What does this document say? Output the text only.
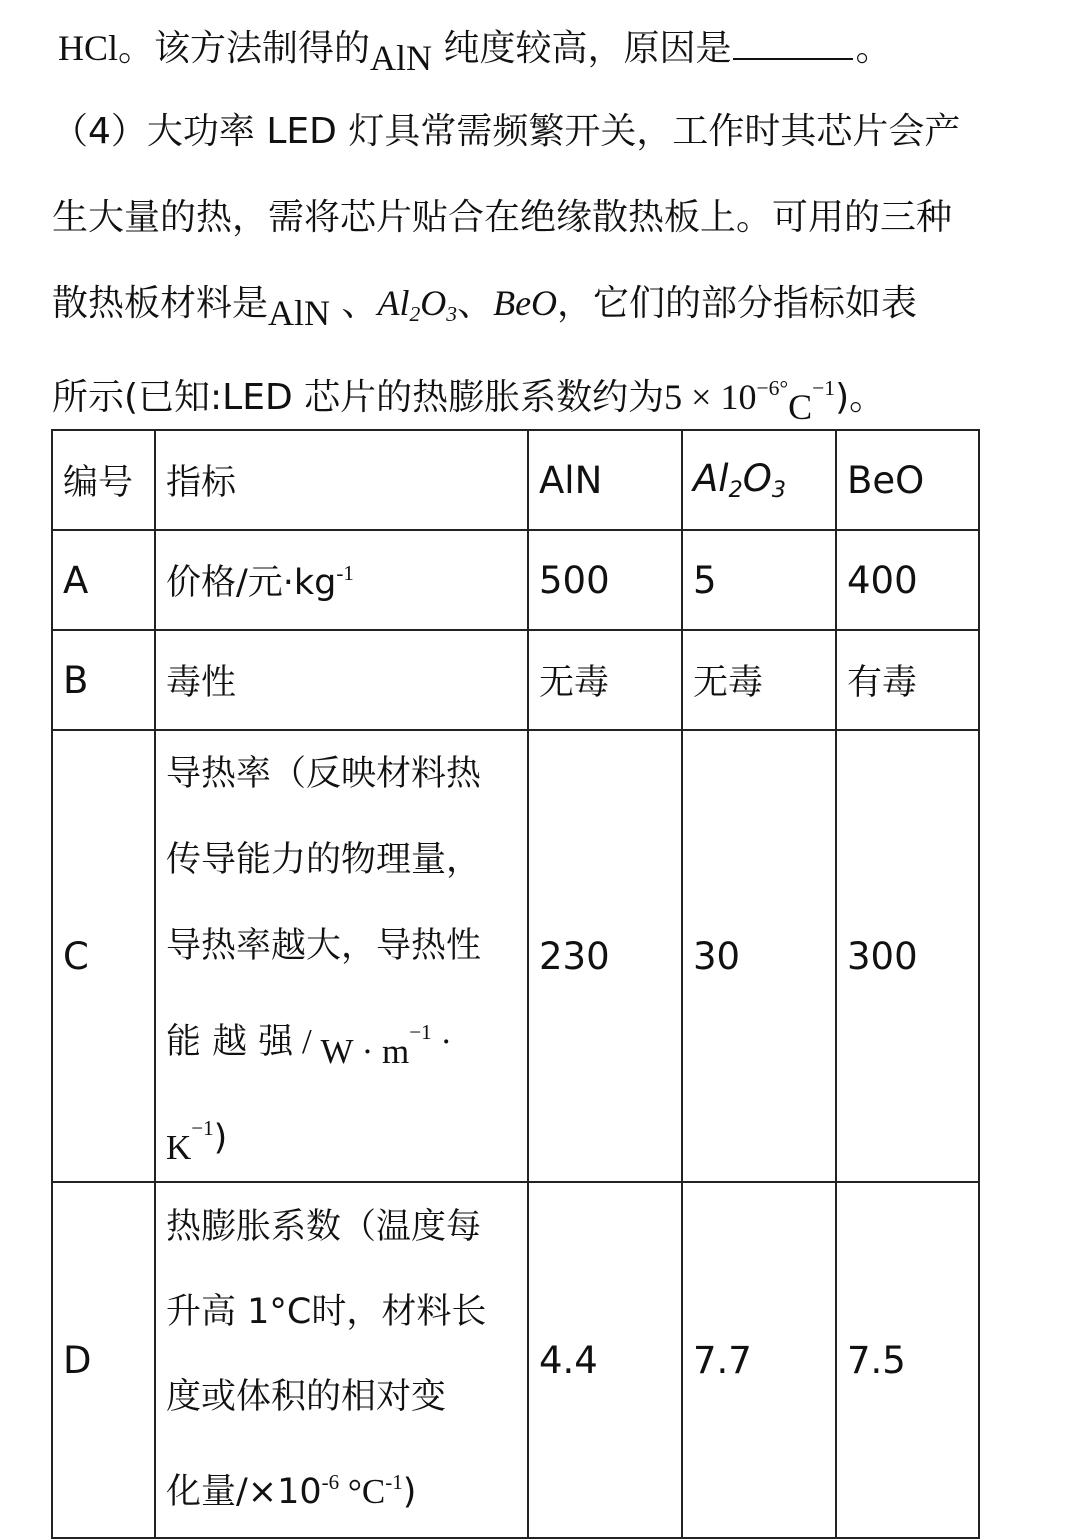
HCl。该方法制得的AlN 纯度较高，原因是	。
（4）大功率 LED 灯具常需频繁开关，工作时其芯片会产
生大量的热，需将芯片贴合在绝缘散热板上。可用的三种
散热板材料是AlN 、$Al_2O_3$、BeO，它们的部分指标如表
所示(已知:LED 芯片的热膨胀系数约为$5 \times 10^{-6^\circ}C^{-1}$)。
编号	指标	AlN	$Al_2O_3$	BeO
A	价格/元$\cdot kg^{-1}$	500	5	400
B	毒性	无毒	无毒	有毒
C	导热率（反映材料热
传导能力的物理量，
导热率越大，导热性
能 越 强 / $W \cdot m^{-1}$ ·
$K^{-1}$)	230	30	300
D	热膨胀系数（温度每
升高 1°C时，材料长
度或体积的相对变
化量$/\times 10^{-6}$ $^\circ C^{-1}$)	4.4	7.7	7.5
